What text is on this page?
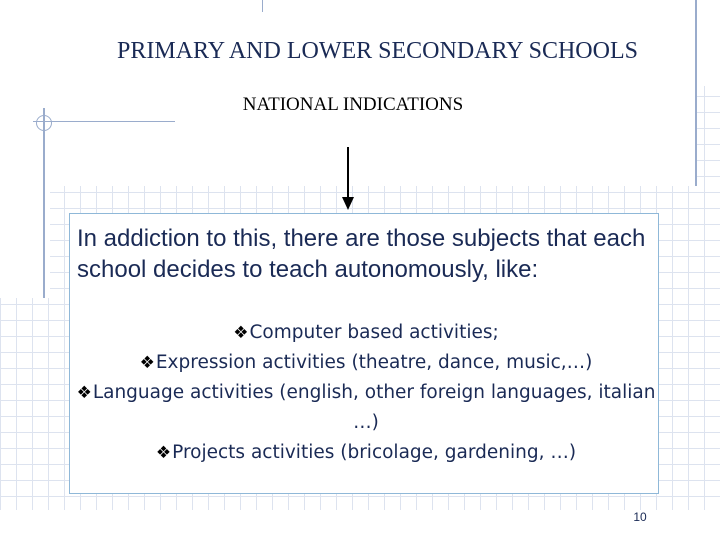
PRIMARY AND LOWER SECONDARY SCHOOLS
NATIONAL INDICATIONS

In addiction to this, there are those subjects that each school decides to teach autonomously, like:

❖Computer based activities;
❖Expression activities (theatre, dance, music,…)
❖Language activities (english, other foreign languages, italian …)
❖Projects activities (bricolage, gardening, …)
10
